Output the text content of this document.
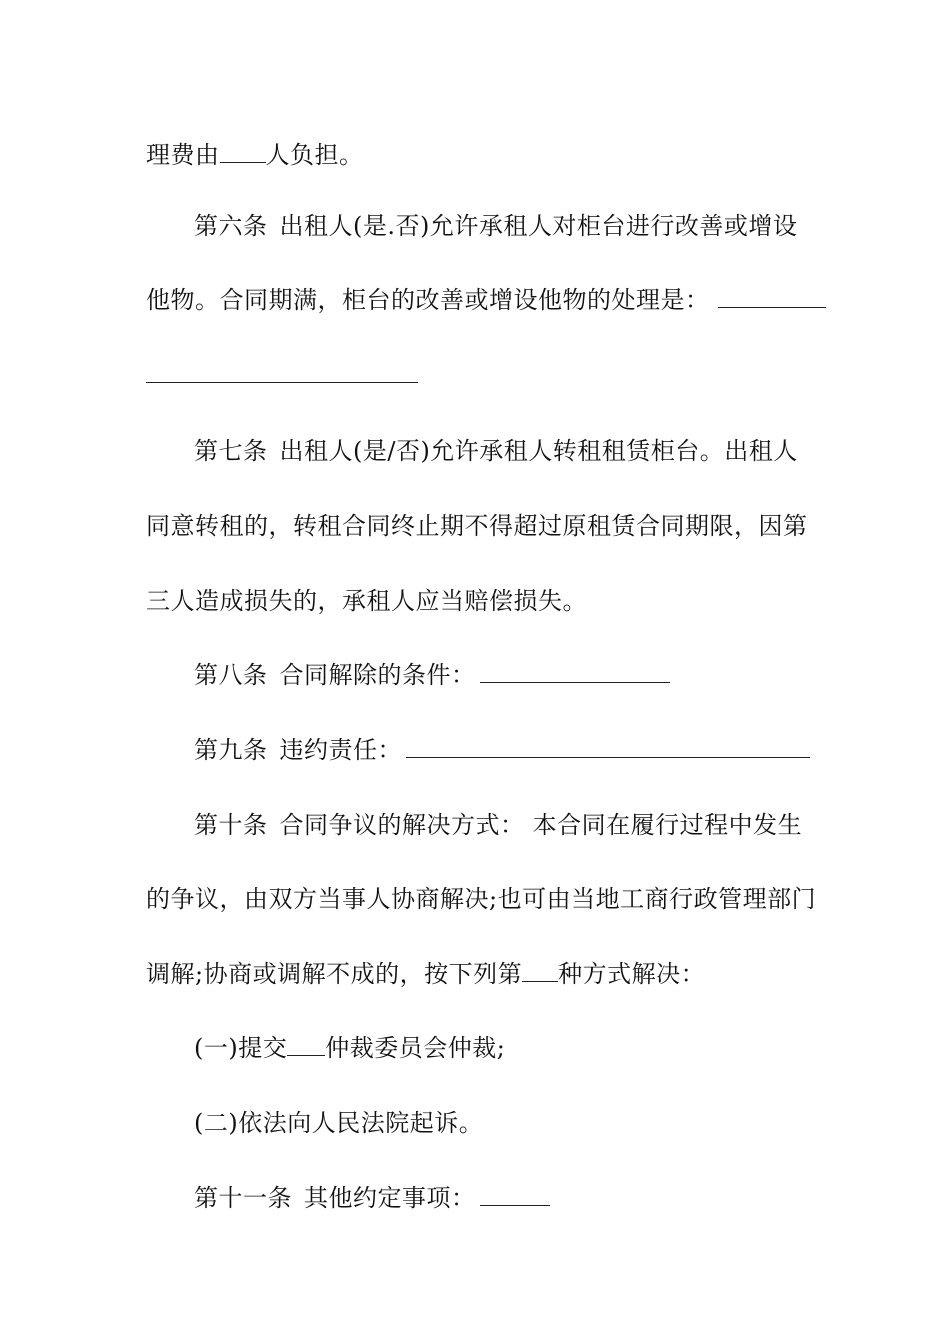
理费由 人负担。
第六条 出租人(是.否)允许承租人对柜台进行改善或增设
他物。合同期满，柜台的改善或增设他物的处理是：
第七条 出租人(是/否)允许承租人转租租赁柜台。出租人
同意转租的，转租合同终止期不得超过原租赁合同期限，因第
三人造成损失的，承租人应当赔偿损失。
第八条 合同解除的条件：
第九条 违约责任：
第十条 合同争议的解决方式： 本合同在履行过程中发生
的争议，由双方当事人协商解决;也可由当地工商行政管理部门
调解;协商或调解不成的，按下列第 种方式解决：
(一)提交 仲裁委员会仲裁;
(二)依法向人民法院起诉。
第十一条 其他约定事项：
